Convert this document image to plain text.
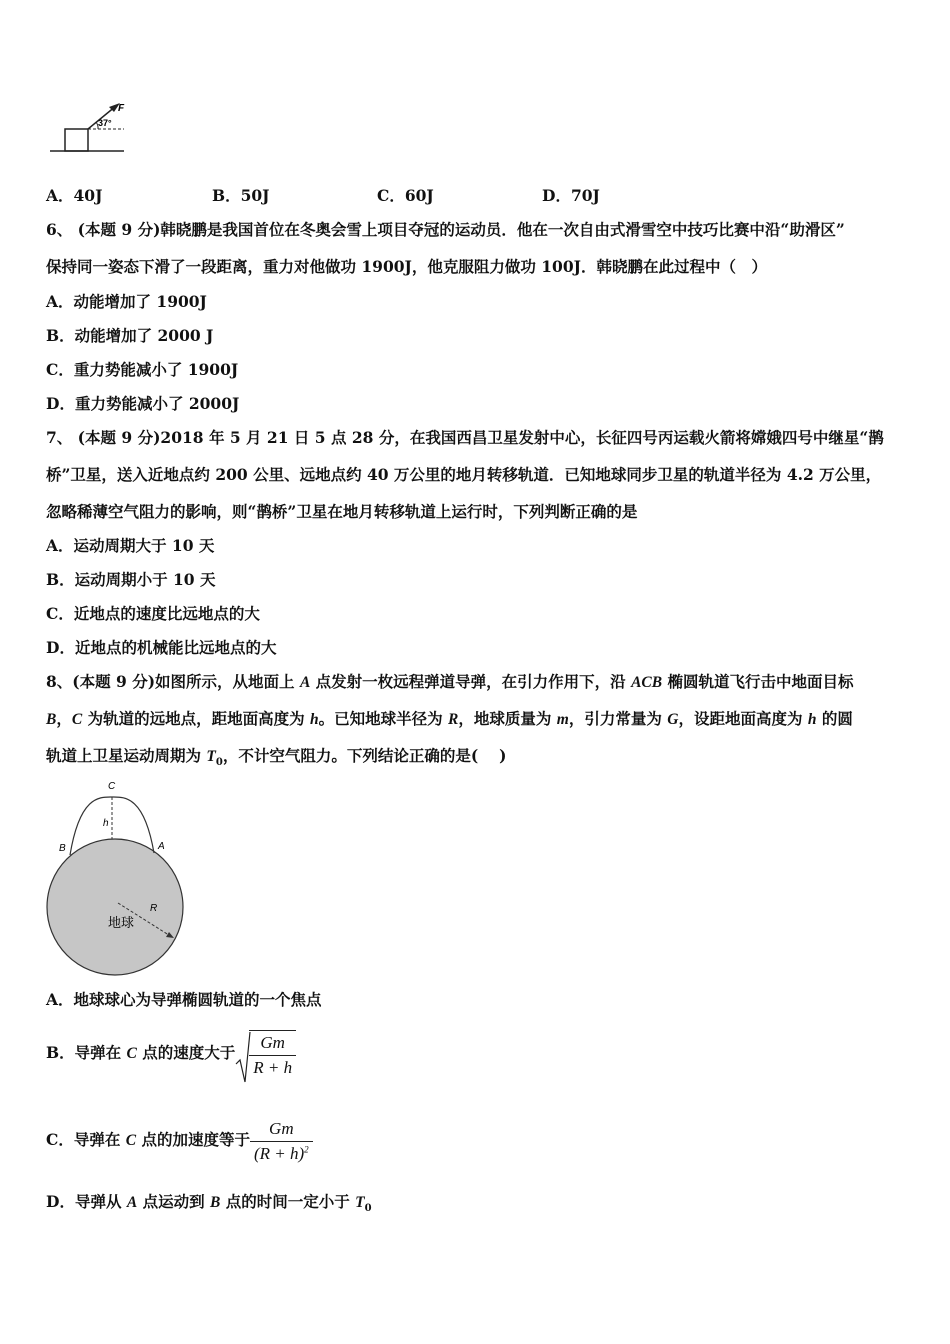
F
37°
A．40J	B．50J	C．60J	D．70J
6、 (本题 9 分)韩晓鹏是我国首位在冬奥会雪上项目夺冠的运动员．他在一次自由式滑雪空中技巧比赛中沿“助滑区”
保持同一姿态下滑了一段距离，重力对他做功 1900J，他克服阻力做功 100J．韩晓鹏在此过程中（　）
A．动能增加了 1900J
B．动能增加了 2000 J
C．重力势能减小了 1900J
D．重力势能减小了 2000J
7、 (本题 9 分)2018 年 5 月 21 日 5 点 28 分，在我国西昌卫星发射中心，长征四号丙运载火箭将嫦娥四号中继星“鹊
桥”卫星，送入近地点约 200 公里、远地点约 40 万公里的地月转移轨道．已知地球同步卫星的轨道半径为 4.2 万公里，
忽略稀薄空气阻力的影响，则“鹊桥”卫星在地月转移轨道上运行时，下列判断正确的是
A．运动周期大于 10 天
B．运动周期小于 10 天
C．近地点的速度比远地点的大
D．近地点的机械能比远地点的大
8、(本题 9 分)如图所示，从地面上 A 点发射一枚远程弹道导弹，在引力作用下，沿 ACB 椭圆轨道飞行击中地面目标
B，C 为轨道的远地点，距地面高度为 h。已知地球半径为 R，地球质量为 m，引力常量为 G，设距地面高度为 h 的圆
轨道上卫星运动周期为 $T_0$，不计空气阻力。下列结论正确的是(　 )
C
h
B	A
R
地球
A．地球球心为导弹椭圆轨道的一个焦点
B．导弹在 C 点的速度大于 $\frac{Gm}{R + h}$
C．导弹在 C 点的加速度等于 $\frac{Gm}{(R + h)^2}$
D．导弹从 A 点运动到 B 点的时间一定小于 $T_0$
